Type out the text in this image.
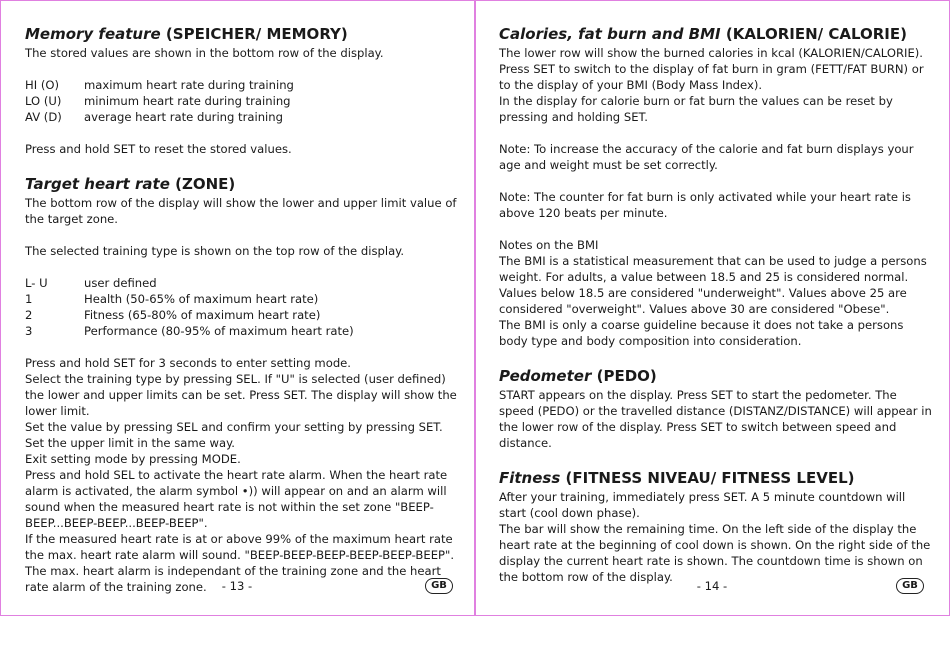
Memory feature (SPEICHER/ MEMORY)

The stored values are shown in the bottom row of the display.

HI (O)	maximum heart rate during training
LO (U)	minimum heart rate during training
AV (D)	average heart rate during training

Press and hold SET to reset the stored values.

Target heart rate (ZONE)

The bottom row of the display will show the lower and upper limit value of the target zone.

The selected training type is shown on the top row of the display.

L- U	user defined
1	Health (50-65% of maximum heart rate)
2	Fitness (65-80% of maximum heart rate)
3	Performance (80-95% of maximum heart rate)

Press and hold SET for 3 seconds to enter setting mode.

Select the training type by pressing SEL. If "U" is selected (user defined) the lower and upper limits can be set. Press SET. The display will show the lower limit.

Set the value by pressing SEL and confirm your setting by pressing SET.

Set the upper limit in the same way.

Exit setting mode by pressing MODE.

Press and hold SEL to activate the heart rate alarm. When the heart rate alarm is activated, the alarm symbol •)) will appear on and an alarm will sound when the measured heart rate is not within the set zone "BEEP-BEEP...BEEP-BEEP...BEEP-BEEP".

If the measured heart rate is at or above 99% of the maximum heart rate the max. heart rate alarm will sound. "BEEP-BEEP-BEEP-BEEP-BEEP-BEEP". The max. heart alarm is independant of the training zone and the heart rate alarm of the training zone.	- 13 -	GB
Calories, fat burn and BMI (KALORIEN/ CALORIE)

The lower row will show the burned calories in kcal (KALORIEN/CALORIE).

Press SET to switch to the display of fat burn in gram (FETT/FAT BURN) or to the display of your BMI (Body Mass Index).

In the display for calorie burn or fat burn the values can be reset by pressing and holding SET.

Note: To increase the accuracy of the calorie and fat burn displays your age and weight must be set correctly.

Note: The counter for fat burn is only activated while your heart rate is above 120 beats per minute.

Notes on the BMI

The BMI is a statistical measurement that can be used to judge a persons weight. For adults, a value between 18.5 and 25 is considered normal. Values below 18.5 are considered "underweight". Values above 25 are considered "overweight". Values above 30 are considered "Obese".

The BMI is only a coarse guideline because it does not take a persons body type and body composition into consideration.

Pedometer (PEDO)

START appears on the display. Press SET to start the pedometer. The speed (PEDO) or the travelled distance (DISTANZ/DISTANCE) will appear in the lower row of the display. Press SET to switch between speed and distance.

Fitness (FITNESS NIVEAU/ FITNESS LEVEL)

After your training, immediately press SET. A 5 minute countdown will start (cool down phase).

The bar will show the remaining time. On the left side of the display the heart rate at the beginning of cool down is shown. On the right side of the display the current heart rate is shown. The countdown time is shown on the bottom row of the display.

- 14 -	GB
